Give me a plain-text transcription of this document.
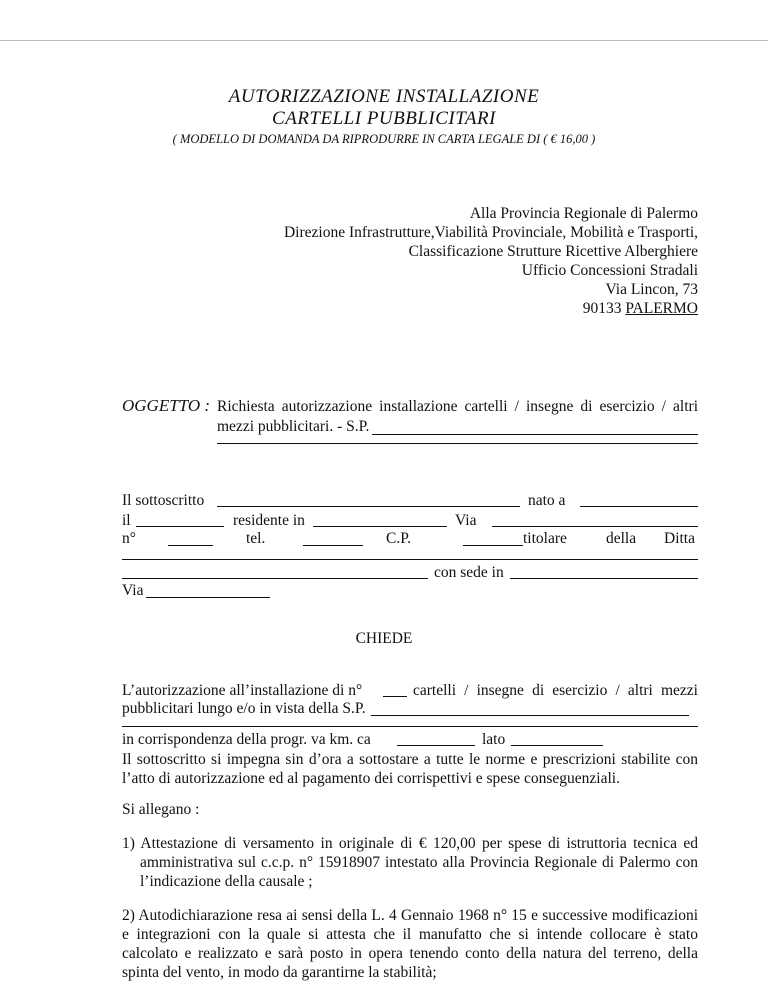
AUTORIZZAZIONE INSTALLAZIONE
CARTELLI PUBBLICITARI
( MODELLO DI DOMANDA DA RIPRODURRE IN CARTA LEGALE DI ( € 16,00 )
Alla Provincia Regionale di Palermo
Direzione Infrastrutture,Viabilità Provinciale, Mobilità e Trasporti,
Classificazione Strutture Ricettive Alberghiere
Ufficio Concessioni Stradali
Via Lincon, 73
90133 PALERMO
OGGETTO : Richiesta autorizzazione installazione cartelli / insegne di esercizio / altri
mezzi pubblicitari. - S.P.
Il sottoscritto	nato a
il	residente in	Via
n°	tel.	C.P.	titolare	della Ditta
con sede in
Via
CHIEDE
L’autorizzazione all’installazione di n°	cartelli / insegne di esercizio / altri mezzi
pubblicitari lungo e/o in vista della S.P.
in corrispondenza della progr. va km. ca	lato
Il sottoscritto si impegna sin d’ora a sottostare a tutte le norme e prescrizioni stabilite con l’atto di autorizzazione ed al pagamento dei corrispettivi e spese conseguenziali.
Si allegano :
1) Attestazione di versamento in originale di € 120,00 per spese di istruttoria tecnica ed amministrativa sul c.c.p. n° 15918907 intestato alla Provincia Regionale di Palermo con l’indicazione della causale ;
2) Autodichiarazione resa ai sensi della L. 4 Gennaio 1968 n° 15 e successive modificazioni e integrazioni con la quale si attesta che il manufatto che si intende collocare è stato calcolato e realizzato e sarà posto in opera tenendo conto della natura del terreno, della spinta del vento, in modo da garantirne la stabilità;
